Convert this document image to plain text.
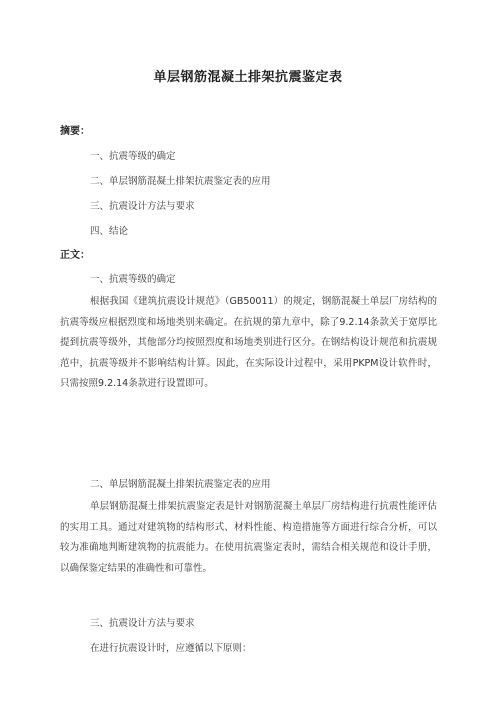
单层钢筋混凝土排架抗震鉴定表
摘要：
一、抗震等级的确定
二、单层钢筋混凝土排架抗震鉴定表的应用
三、抗震设计方法与要求
四、结论
正文：
一、抗震等级的确定
根据我国《建筑抗震设计规范》（GB50011）的规定，钢筋混凝土单层厂房结构的抗震等级应根据烈度和场地类别来确定。在抗规的第九章中，除了9.2.14条款关于宽厚比提到抗震等级外，其他部分均按照烈度和场地类别进行区分。在钢结构设计规范和抗震规范中，抗震等级并不影响结构计算。因此，在实际设计过程中，采用PKPM设计软件时，只需按照9.2.14条款进行设置即可。
二、单层钢筋混凝土排架抗震鉴定表的应用
单层钢筋混凝土排架抗震鉴定表是针对钢筋混凝土单层厂房结构进行抗震性能评估的实用工具。通过对建筑物的结构形式、材料性能、构造措施等方面进行综合分析，可以较为准确地判断建筑物的抗震能力。在使用抗震鉴定表时，需结合相关规范和设计手册，以确保鉴定结果的准确性和可靠性。
三、抗震设计方法与要求
在进行抗震设计时，应遵循以下原则：
